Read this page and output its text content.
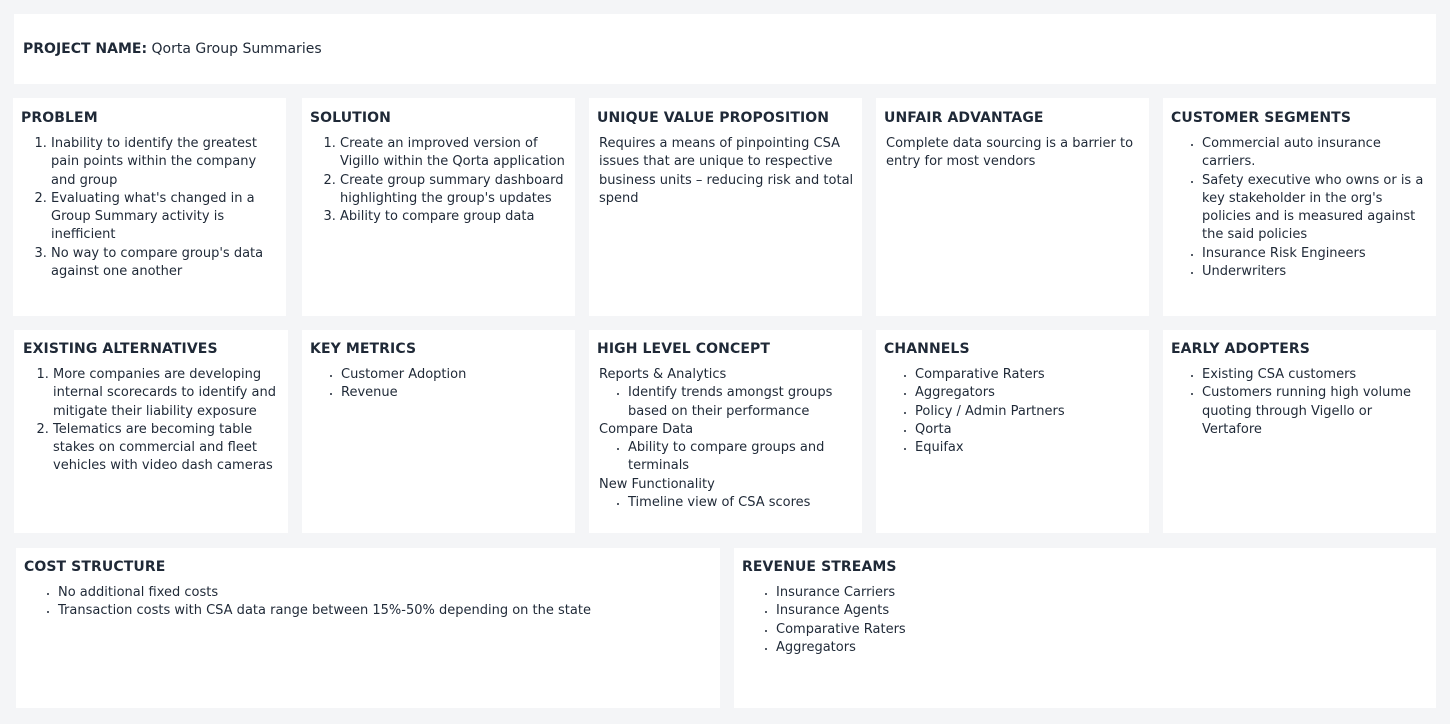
PROJECT NAME: Qorta Group Summaries
PROBLEM
1. Inability to identify the greatest pain points within the company and group
2. Evaluating what's changed in a Group Summary activity is inefficient
3. No way to compare group's data against one another
SOLUTION
1. Create an improved version of Vigillo within the Qorta application
2. Create group summary dashboard highlighting the group's updates
3. Ability to compare group data
UNIQUE VALUE PROPOSITION
Requires a means of pinpointing CSA issues that are unique to respective business units – reducing risk and total spend
UNFAIR ADVANTAGE
Complete data sourcing is a barrier to entry for most vendors
CUSTOMER SEGMENTS
• Commercial auto insurance carriers.
• Safety executive who owns or is a key stakeholder in the org's policies and is measured against the said policies
• Insurance Risk Engineers
• Underwriters
EXISTING ALTERNATIVES
1. More companies are developing internal scorecards to identify and mitigate their liability exposure
2. Telematics are becoming table stakes on commercial and fleet vehicles with video dash cameras
KEY METRICS
• Customer Adoption
• Revenue
HIGH LEVEL CONCEPT
Reports & Analytics
• Identify trends amongst groups based on their performance
Compare Data
• Ability to compare groups and terminals
New Functionality
• Timeline view of CSA scores
CHANNELS
• Comparative Raters
• Aggregators
• Policy / Admin Partners
• Qorta
• Equifax
EARLY ADOPTERS
• Existing CSA customers
• Customers running high volume quoting through Vigello or Vertafore
COST STRUCTURE
• No additional fixed costs
• Transaction costs with CSA data range between 15%-50% depending on the state
REVENUE STREAMS
• Insurance Carriers
• Insurance Agents
• Comparative Raters
• Aggregators
